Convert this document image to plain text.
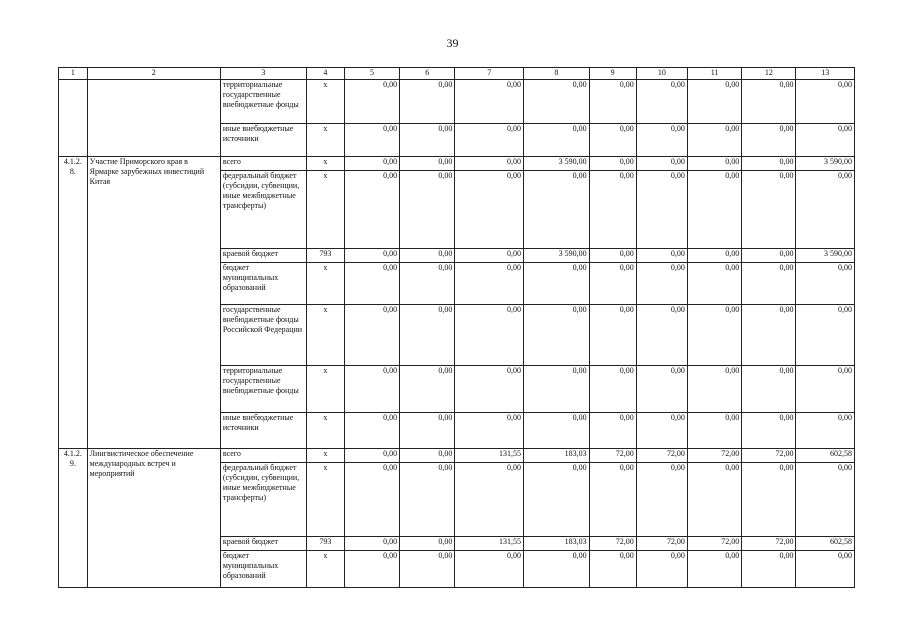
39
1	2	3	4	5	6	7	8	9	10	11	12	13
		территориальные государственные внебюджетные фонды	х	0,00	0,00	0,00	0,00	0,00	0,00	0,00	0,00	0,00
		иные внебюджетные источники	х	0,00	0,00	0,00	0,00	0,00	0,00	0,00	0,00	0,00
4.1.2. 8.	Участие Приморского края в Ярмарке зарубежных инвестиций Китая	всего	х	0,00	0,00	0,00	3 590,00	0,00	0,00	0,00	0,00	3 590,00
		федеральный бюджет (субсидии, субвенции, иные межбюджетные трансферты)	х	0,00	0,00	0,00	0,00	0,00	0,00	0,00	0,00	0,00
		краевой бюджет	793	0,00	0,00	0,00	3 590,00	0,00	0,00	0,00	0,00	3 590,00
		бюджет муниципальных образований	х	0,00	0,00	0,00	0,00	0,00	0,00	0,00	0,00	0,00
		государственные внебюджетные фонды Российской Федерации	х	0,00	0,00	0,00	0,00	0,00	0,00	0,00	0,00	0,00
		территориальные государственные внебюджетные фонды	х	0,00	0,00	0,00	0,00	0,00	0,00	0,00	0,00	0,00
		иные внебюджетные источники	х	0,00	0,00	0,00	0,00	0,00	0,00	0,00	0,00	0,00
4.1.2. 9.	Лингвистическое обеспечение международных встреч и мероприятий	всего	х	0,00	0,00	131,55	183,03	72,00	72,00	72,00	72,00	602,58
		федеральный бюджет (субсидии, субвенции, иные межбюджетные трансферты)	х	0,00	0,00	0,00	0,00	0,00	0,00	0,00	0,00	0,00
		краевой бюджет	793	0,00	0,00	131,55	183,03	72,00	72,00	72,00	72,00	602,58
		бюджет муниципальных образований	х	0,00	0,00	0,00	0,00	0,00	0,00	0,00	0,00	0,00
